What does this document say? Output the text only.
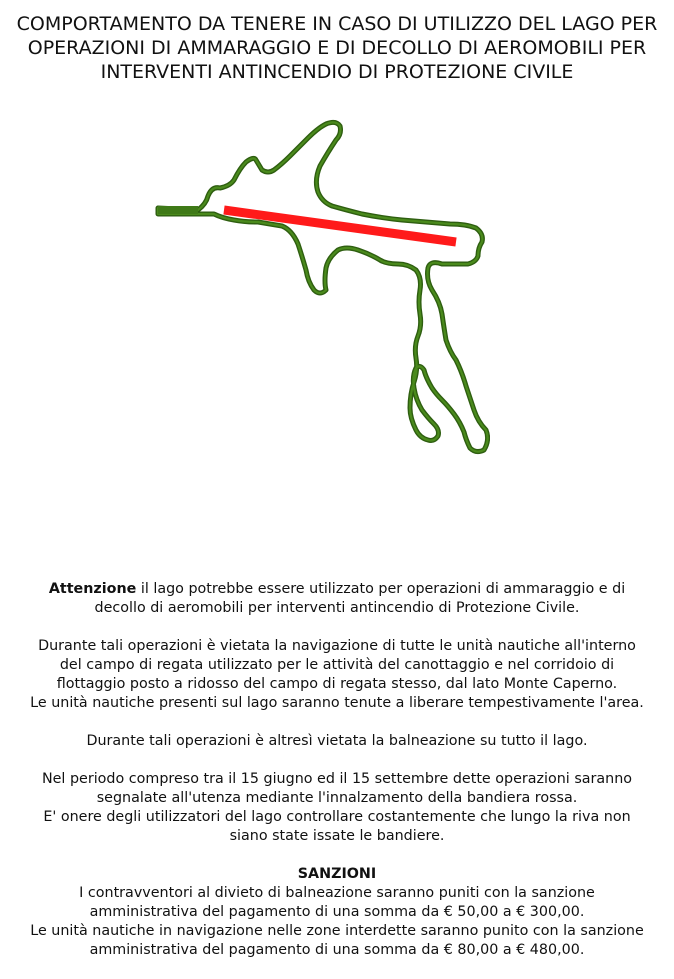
COMPORTAMENTO DA TENERE IN CASO DI UTILIZZO DEL LAGO PER
OPERAZIONI DI AMMARAGGIO E DI DECOLLO DI AEROMOBILI PER
INTERVENTI ANTINCENDIO DI PROTEZIONE CIVILE

Attenzione il lago potrebbe essere utilizzato per operazioni di ammaraggio e di
decollo di aeromobili per interventi antincendio di Protezione Civile.

Durante tali operazioni è vietata la navigazione di tutte le unità nautiche all'interno
del campo di regata utilizzato per le attività del canottaggio e nel corridoio di
flottaggio posto a ridosso del campo di regata stesso, dal lato Monte Caperno.
Le unità nautiche presenti sul lago saranno tenute a liberare tempestivamente l'area.

Durante tali operazioni è altresì vietata la balneazione su tutto il lago.

Nel periodo compreso tra il 15 giugno ed il 15 settembre dette operazioni saranno
segnalate all'utenza mediante l'innalzamento della bandiera rossa.
E' onere degli utilizzatori del lago controllare costantemente che lungo la riva non
siano state issate le bandiere.

SANZIONI
I contravventori al divieto di balneazione saranno puniti con la sanzione
amministrativa del pagamento di una somma da € 50,00 a € 300,00.
Le unità nautiche in navigazione nelle zone interdette saranno punito con la sanzione
amministrativa del pagamento di una somma da € 80,00 a € 480,00.
